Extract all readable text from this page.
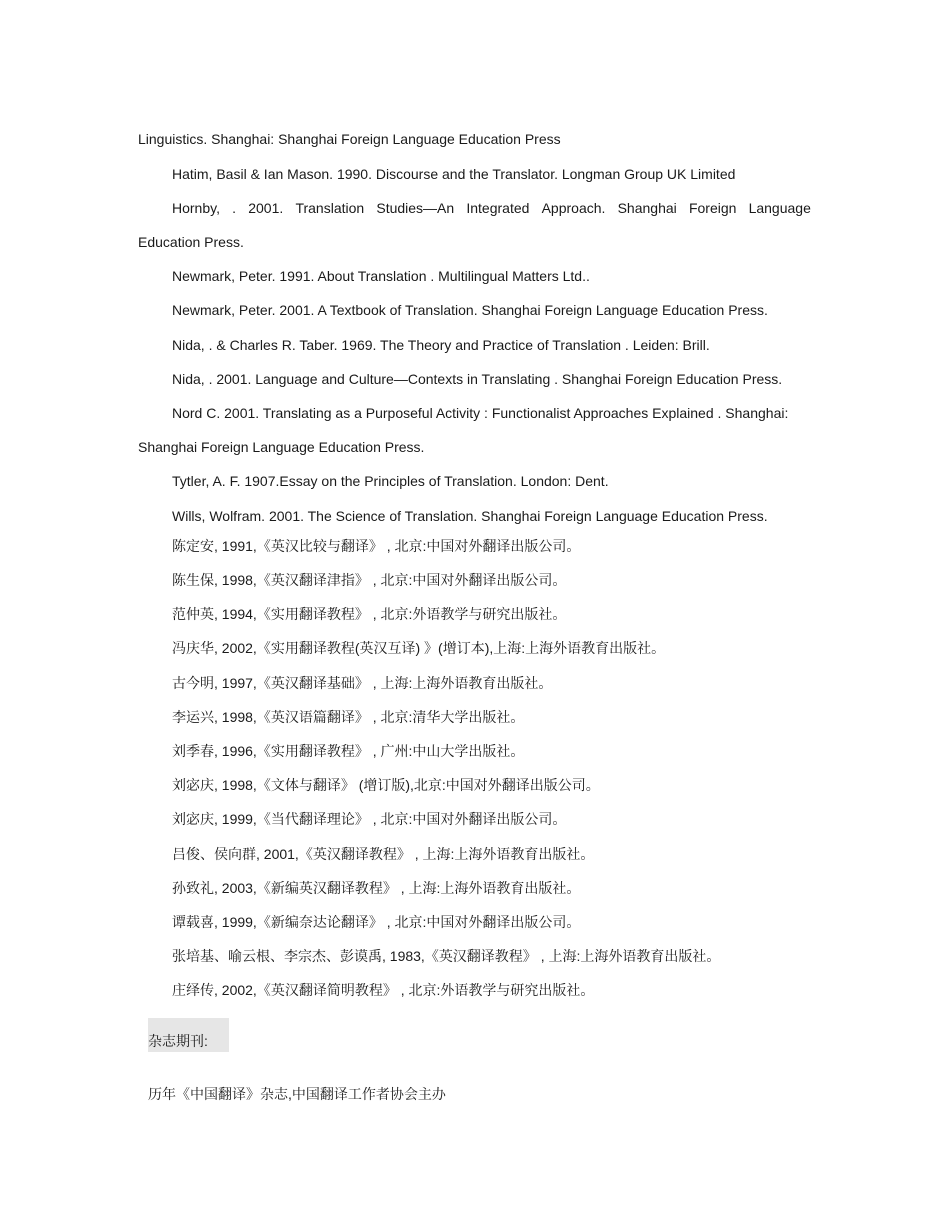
Linguistics. Shanghai: Shanghai Foreign Language Education Press
Hatim, Basil & Ian Mason. 1990. Discourse and the Translator. Longman Group UK Limited
Hornby, . 2001. Translation Studies—An Integrated Approach. Shanghai Foreign Language
Education Press.
Newmark, Peter. 1991. About Translation . Multilingual Matters Ltd..
Newmark, Peter. 2001. A Textbook of Translation. Shanghai Foreign Language Education Press.
Nida, . & Charles R. Taber. 1969. The Theory and Practice of Translation . Leiden: Brill.
Nida, . 2001. Language and Culture—Contexts in Translating . Shanghai Foreign Education Press.
Nord C. 2001. Translating as a Purposeful Activity : Functionalist Approaches Explained . Shanghai:
Shanghai Foreign Language Education Press.
Tytler, A. F. 1907.Essay on the Principles of Translation. London: Dent.
Wills, Wolfram. 2001. The Science of Translation. Shanghai Foreign Language Education Press.
陈定安, 1991,《英汉比较与翻译》 , 北京:中国对外翻译出版公司。
陈生保, 1998,《英汉翻译津指》 , 北京:中国对外翻译出版公司。
范仲英, 1994,《实用翻译教程》 , 北京:外语教学与研究出版社。
冯庆华, 2002,《实用翻译教程(英汉互译) 》(增订本),上海:上海外语教育出版社。
古今明, 1997,《英汉翻译基础》 , 上海:上海外语教育出版社。
李运兴, 1998,《英汉语篇翻译》 , 北京:清华大学出版社。
刘季春, 1996,《实用翻译教程》 , 广州:中山大学出版社。
刘宓庆, 1998,《文体与翻译》 (增订版),北京:中国对外翻译出版公司。
刘宓庆, 1999,《当代翻译理论》 , 北京:中国对外翻译出版公司。
吕俊、侯向群, 2001,《英汉翻译教程》 , 上海:上海外语教育出版社。
孙致礼, 2003,《新编英汉翻译教程》 , 上海:上海外语教育出版社。
谭载喜, 1999,《新编奈达论翻译》 , 北京:中国对外翻译出版公司。
张培基、喻云根、李宗杰、彭谟禹, 1983,《英汉翻译教程》 , 上海:上海外语教育出版社。
庄绎传, 2002,《英汉翻译简明教程》 , 北京:外语教学与研究出版社。
杂志期刊:
历年《中国翻译》杂志,中国翻译工作者协会主办
